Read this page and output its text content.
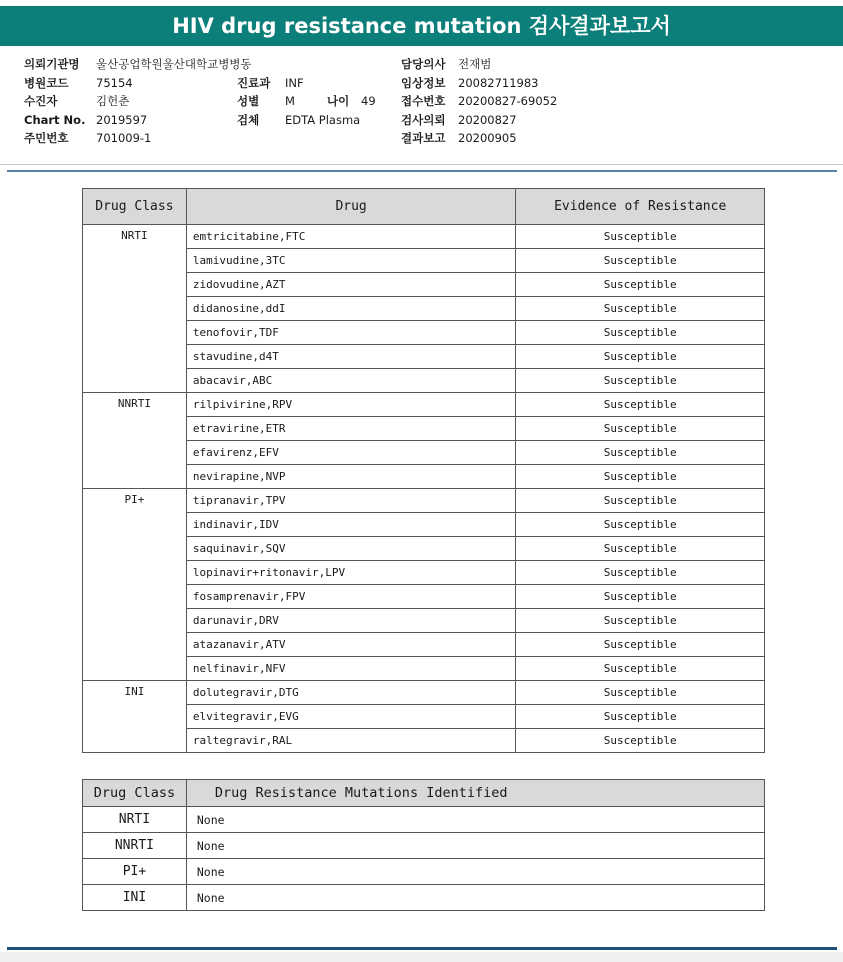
HIV drug resistance mutation 검사결과보고서
의뢰기관명 울산공업학원울산대학교병병동
병원코드 75154
수진자	김헌춘
Chart No. 2019597
주민번호 701009-1
진료과 INF
성별 M	나이 49
검체 EDTA Plasma
담당의사 전재범
임상정보 20082711983
접수번호 20200827-69052
검사의뢰 20200827
결과보고 20200905
Drug Class	Drug	Evidence of Resistance
NRTI	emtricitabine,FTC	Susceptible
	lamivudine,3TC	Susceptible
	zidovudine,AZT	Susceptible
	didanosine,ddI	Susceptible
	tenofovir,TDF	Susceptible
	stavudine,d4T	Susceptible
	abacavir,ABC	Susceptible
NNRTI	rilpivirine,RPV	Susceptible
	etravirine,ETR	Susceptible
	efavirenz,EFV	Susceptible
	nevirapine,NVP	Susceptible
PI+	tipranavir,TPV	Susceptible
	indinavir,IDV	Susceptible
	saquinavir,SQV	Susceptible
	lopinavir+ritonavir,LPV	Susceptible
	fosamprenavir,FPV	Susceptible
	darunavir,DRV	Susceptible
	atazanavir,ATV	Susceptible
	nelfinavir,NFV	Susceptible
INI	dolutegravir,DTG	Susceptible
	elvitegravir,EVG	Susceptible
	raltegravir,RAL	Susceptible
Drug Class	Drug Resistance Mutations Identified
NRTI	None
NNRTI	None
PI+	None
INI	None
